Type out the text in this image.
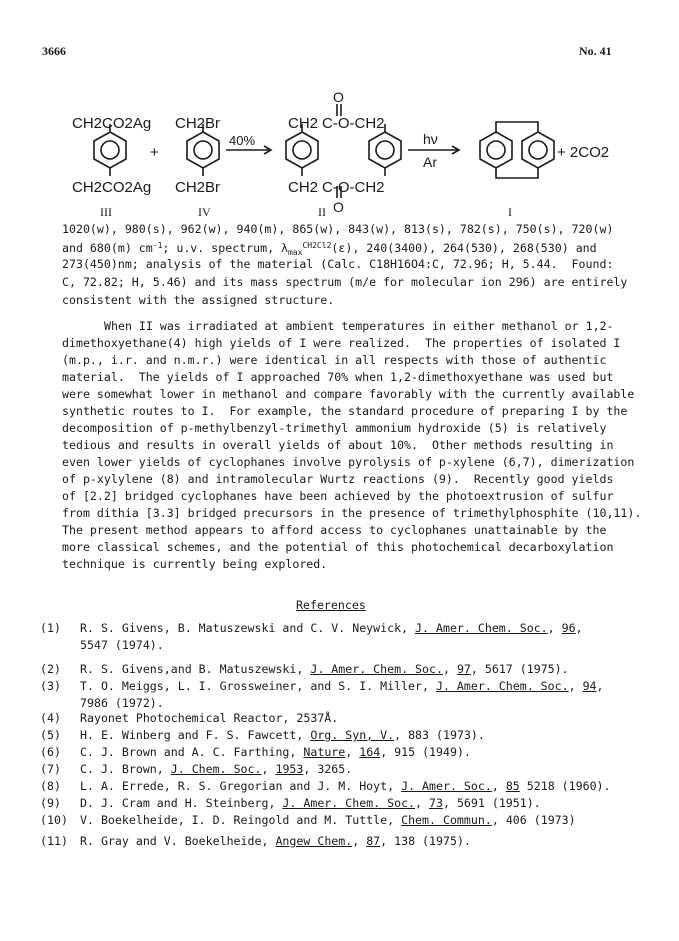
3666	No. 41
CH2CO2Ag
CH2CO2Ag
+
CH2Br
CH2Br
40%
O
CH2 C-O-CH2
CH2 C-O-CH2
O
hν
Ar
+ 2CO2
III	IV	II	I
1020(w), 980(s), 962(w), 940(m), 865(w), 843(w), 813(s), 782(s), 750(s), 720(w)
and 680(m) $cm^{-1}$; u.v. spectrum, $\lambda_{max}^{CH2Cl2}(\varepsilon)$, 240(3400), 264(530), 268(530) and
273(450)nm; analysis of the material (Calc. C18H16O4:C, 72.96; H, 5.44.  Found:
C, 72.82; H, 5.46) and its mass spectrum (m/e for molecular ion 296) are entirely
consistent with the assigned structure.
When II was irradiated at ambient temperatures in either methanol or 1,2-
dimethoxyethane(4) high yields of I were realized.  The properties of isolated I
(m.p., i.r. and n.m.r.) were identical in all respects with those of authentic
material.  The yields of I approached 70% when 1,2-dimethoxyethane was used but
were somewhat lower in methanol and compare favorably with the currently available
synthetic routes to I.  For example, the standard procedure of preparing I by the
decomposition of p-methylbenzyl-trimethyl ammonium hydroxide (5) is relatively
tedious and results in overall yields of about 10%.  Other methods resulting in
even lower yields of cyclophanes involve pyrolysis of p-xylene (6,7), dimerization
of p-xylylene (8) and intramolecular Wurtz reactions (9).  Recently good yields
of [2.2] bridged cyclophanes have been achieved by the photoextrusion of sulfur
from dithia [3.3] bridged precursors in the presence of trimethylphosphite (10,11).
The present method appears to afford access to cyclophanes unattainable by the
more classical schemes, and the potential of this photochemical decarboxylation
technique is currently being explored.
References
(1) R. S. Givens, B. Matuszewski and C. V. Neywick, J. Amer. Chem. Soc., 96,
5547 (1974).
(2) R. S. Givens,and B. Matuszewski, J. Amer. Chem. Soc., 97, 5617 (1975).
(3) T. O. Meiggs, L. I. Grossweiner, and S. I. Miller, J. Amer. Chem. Soc., 94,
7986 (1972).
(4) Rayonet Photochemical Reactor, 2537Å.
(5) H. E. Winberg and F. S. Fawcett, Org. Syn, V., 883 (1973).
(6) C. J. Brown and A. C. Farthing, Nature, 164, 915 (1949).
(7) C. J. Brown, J. Chem. Soc., 1953, 3265.
(8) L. A. Errede, R. S. Gregorian and J. M. Hoyt, J. Amer. Soc., 85 5218 (1960).
(9) D. J. Cram and H. Steinberg, J. Amer. Chem. Soc., 73, 5691 (1951).
(10) V. Boekelheide, I. D. Reingold and M. Tuttle, Chem. Commun., 406 (1973)
(11) R. Gray and V. Boekelheide, Angew Chem., 87, 138 (1975).
